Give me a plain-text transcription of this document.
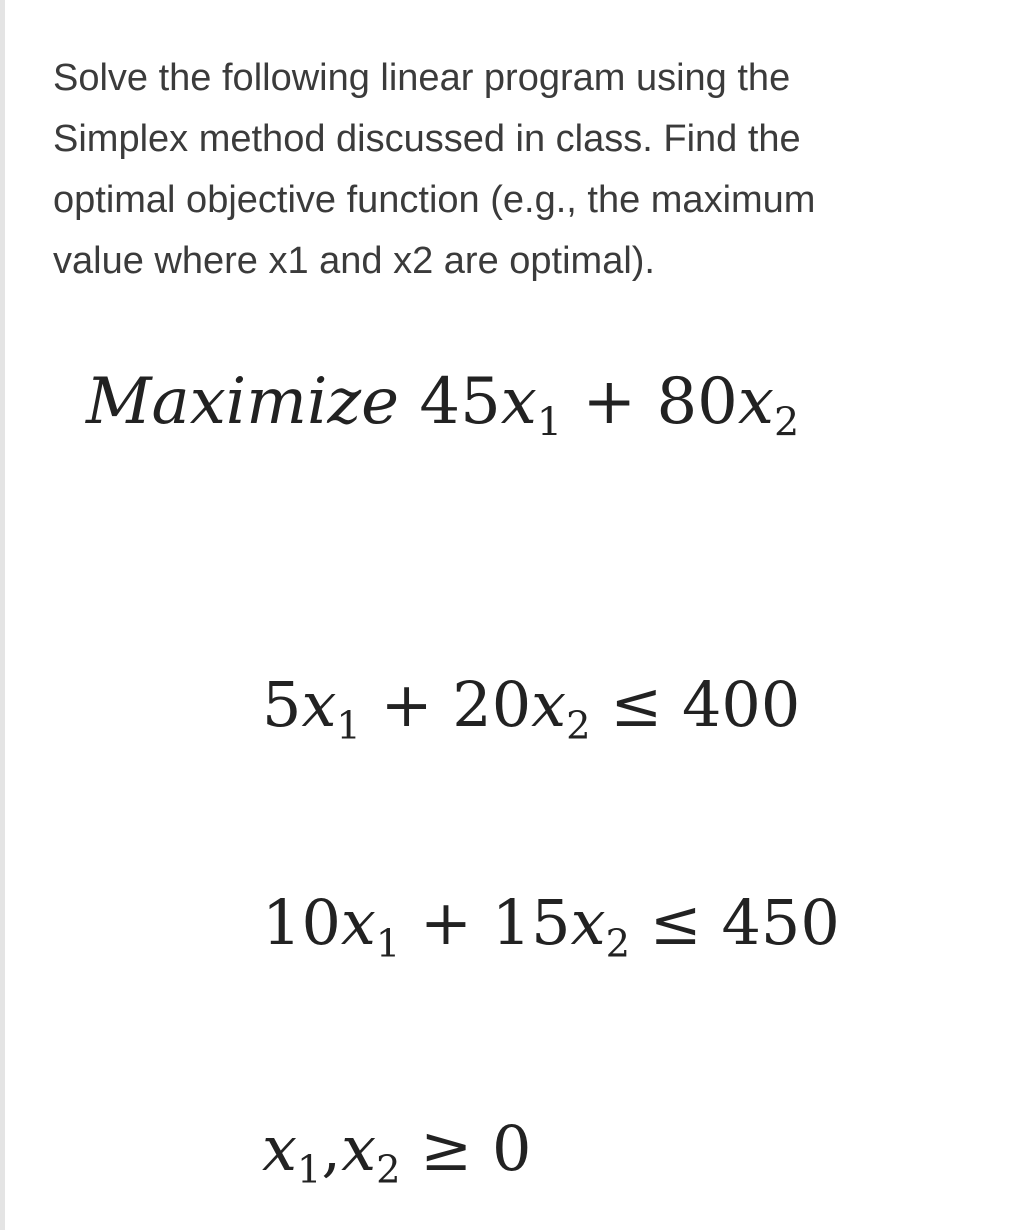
Solve the following linear program using the
Simplex method discussed in class. Find the
optimal objective function (e.g., the maximum
value where x1 and x2 are optimal).

Maximize $45x_1 + 80x_2$
$5x_1 + 20x_2 \le 400$
$10x_1 + 15x_2 \le 450$
$x_1,x_2 \ge 0$
